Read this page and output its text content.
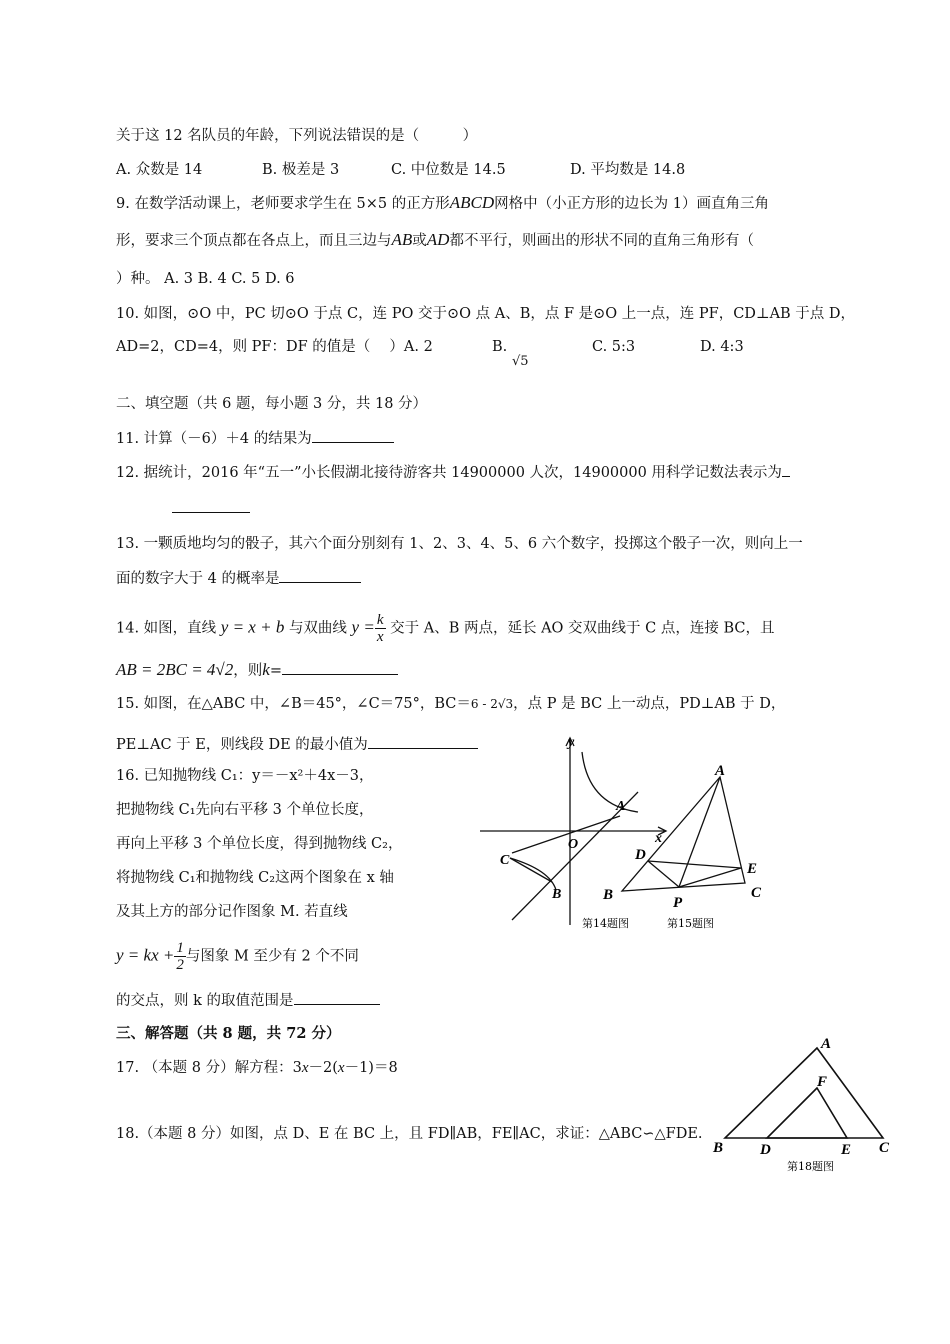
关于这 12 名队员的年龄，下列说法错误的是（　　　）
A. 众数是 14	B. 极差是 3	C. 中位数是 14.5	D. 平均数是 14.8
9. 在数学活动课上，老师要求学生在 5×5 的正方形ABCD网格中（小正方形的边长为 1）画直角三角
形，要求三个顶点都在各点上，而且三边与AB或AD都不平行，则画出的形状不同的直角三角形有（
）种。 A. 3 B. 4 C. 5 D. 6
10. 如图，⊙O 中，PC 切⊙O 于点 C，连 PO 交于⊙O 点 A、B，点 F 是⊙O 上一点，连 PF，CD⊥AB 于点 D，
AD=2，CD=4，则 PF：DF 的值是（　 ）A. 2	B.
√5
C. 5:3	D. 4:3
二、填空题（共 6 题，每小题 3 分，共 18 分）
11. 计算（－6）＋4 的结果为
12. 据统计，2016 年“五一”小长假湖北接待游客共 14900000 人次，14900000 用科学记数法表示为
13. 一颗质地均匀的骰子，其六个面分别刻有 1、2、3、4、5、6 六个数字，投掷这个骰子一次，则向上一
面的数字大于 4 的概率是
14. 如图，直线 y = x + b 与双曲线 $y = \frac{k}{x}$ 交于 A、B 两点，延长 AO 交双曲线于 C 点，连接 BC，且
AB = 2BC = 4√2，则k=
15. 如图，在△ABC 中，∠B＝45°，∠C＝75°，BC＝6 - 2√3，点 P 是 BC 上一动点，PD⊥AB 于 D，
PE⊥AC 于 E，则线段 DE 的最小值为
16. 已知抛物线 C₁：y＝－x²＋4x－3，
把抛物线 C₁先向右平移 3 个单位长度，
再向上平移 3 个单位长度，得到抛物线 C₂，
将抛物线 C₁和抛物线 C₂这两个图象在 x 轴
及其上方的部分记作图象 M. 若直线
y = kx + $\frac{1}{2}$ 与图象 M 至少有 2 个不同
的交点，则 k 的取值范围是
y
x
O
A
B
C
第14题图
A
B	C
D
E
P
第15题图
三、解答题（共 8 题，共 72 分）
17. （本题 8 分）解方程：3x－2(x－1)＝8
18.（本题 8 分）如图，点 D、E 在 BC 上，且 FD∥AB，FE∥AC，求证：△ABC∽△FDE.
A
B	C
D	E
F
第18题图
